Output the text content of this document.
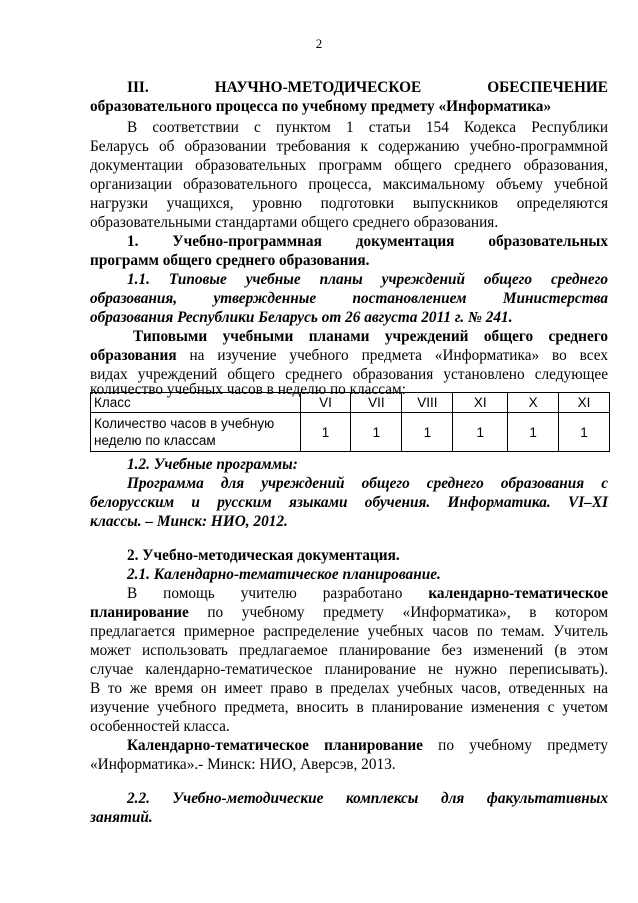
2
III.	НАУЧНО-МЕТОДИЧЕСКОЕ	ОБЕСПЕЧЕНИЕ
образовательного процесса по учебному предмету «Информатика»
В соответствии с пунктом 1 статьи 154 Кодекса Республики
Беларусь об образовании требования к содержанию учебно-программной
документации образовательных программ общего среднего образования,
организации образовательного процесса, максимальному объему учебной
нагрузки учащихся, уровню подготовки выпускников определяются
образовательными стандартами общего среднего образования.
1. Учебно-программная документация образовательных
программ общего среднего образования.
1.1. Типовые учебные планы учреждений общего среднего
образования, утвержденные постановлением Министерства
образования Республики Беларусь от 26 августа 2011 г. № 241.
Типовыми учебными планами учреждений общего среднего
образования на изучение учебного предмета «Информатика» во всех
видах учреждений общего среднего образования установлено следующее
количество учебных часов в неделю по классам:
Класс	VI	VII	VIII	XI	X	XI
Количество часов в учебную
неделю по классам	1	1	1	1	1	1
1.2. Учебные программы:
Программа для учреждений общего среднего образования с
белорусским и русским языками обучения. Информатика. VI–XI
классы. – Минск: НИО, 2012.
2. Учебно-методическая документация.
2.1. Календарно-тематическое планирование.
В помощь учителю разработано календарно-тематическое
планирование по учебному предмету «Информатика», в котором
предлагается примерное распределение учебных часов по темам. Учитель
может использовать предлагаемое планирование без изменений (в этом
случае календарно-тематическое планирование не нужно переписывать).
В то же время он имеет право в пределах учебных часов, отведенных на
изучение учебного предмета, вносить в планирование изменения с учетом
особенностей класса.
Календарно-тематическое планирование по учебному предмету
«Информатика».- Минск: НИО, Аверсэв, 2013.
2.2. Учебно-методические комплексы для факультативных
занятий.
